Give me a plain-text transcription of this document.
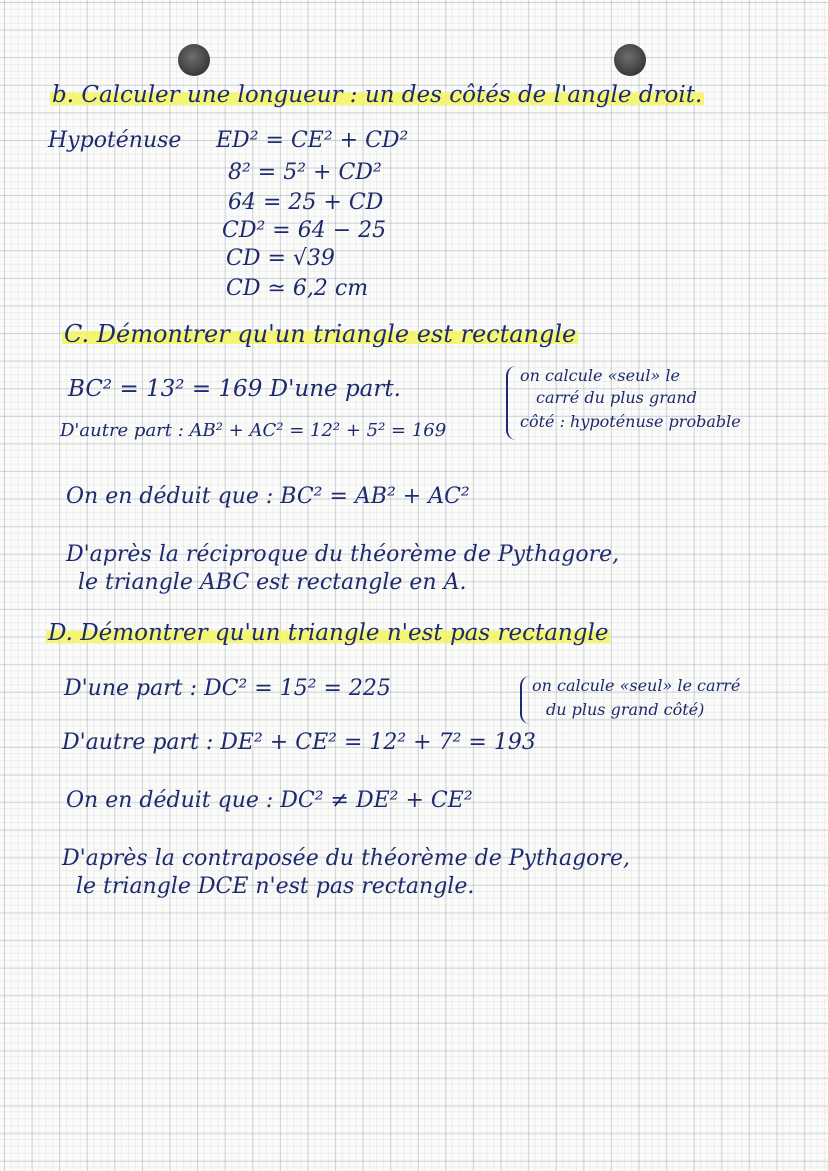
b. Calculer une longueur : un des côtés de l'angle droit.
Hypoténuse ED² = CE² + CD²
8² = 5² + CD²
64 = 25 + CD
CD² = 64 − 25
CD = √39
CD ≃ 6,2 cm
C. Démontrer qu'un triangle est rectangle
BC² = 13² = 169 D'une part.
on calcule «seul» le
carré du plus grand
côté : hypoténuse probable
D'autre part : AB² + AC² = 12² + 5² = 169
On en déduit que : BC² = AB² + AC²
D'après la réciproque du théorème de Pythagore,
le triangle ABC est rectangle en A.
D. Démontrer qu'un triangle n'est pas rectangle
D'une part : DC² = 15² = 225	on calcule «seul» le carré
du plus grand côté)
D'autre part : DE² + CE² = 12² + 7² = 193
On en déduit que : DC² ≠ DE² + CE²
D'après la contraposée du théorème de Pythagore,
le triangle DCE n'est pas rectangle.
